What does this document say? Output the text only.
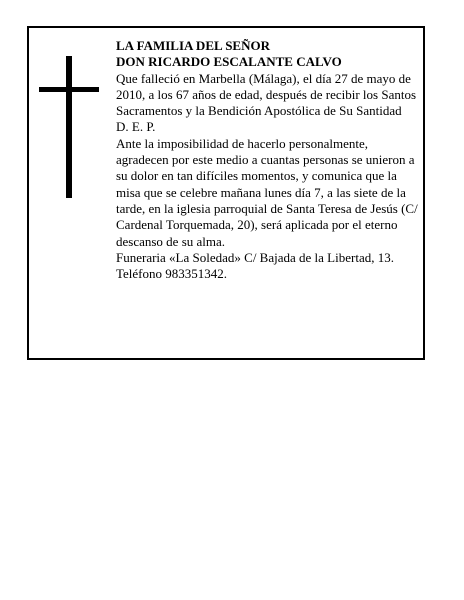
LA FAMILIA DEL SEÑOR

DON RICARDO ESCALANTE CALVO

Que falleció en Marbella (Málaga), el día 27 de mayo de 2010, a los 67 años de edad, después de recibir los Santos Sacramentos y la Bendición Apostólica de Su Santidad

D. E. P.

Ante la imposibilidad de hacerlo personalmente, agradecen por este medio a cuantas personas se unieron a su dolor en tan difíciles momentos, y comunica que la misa que se celebre mañana lunes día 7, a las siete de la tarde, en la iglesia parroquial de Santa Teresa de Jesús (C/ Cardenal Torquemada, 20), será aplicada por el eterno descanso de su alma.

Funeraria «La Soledad» C/ Bajada de la Libertad, 13.

Teléfono 983351342.
